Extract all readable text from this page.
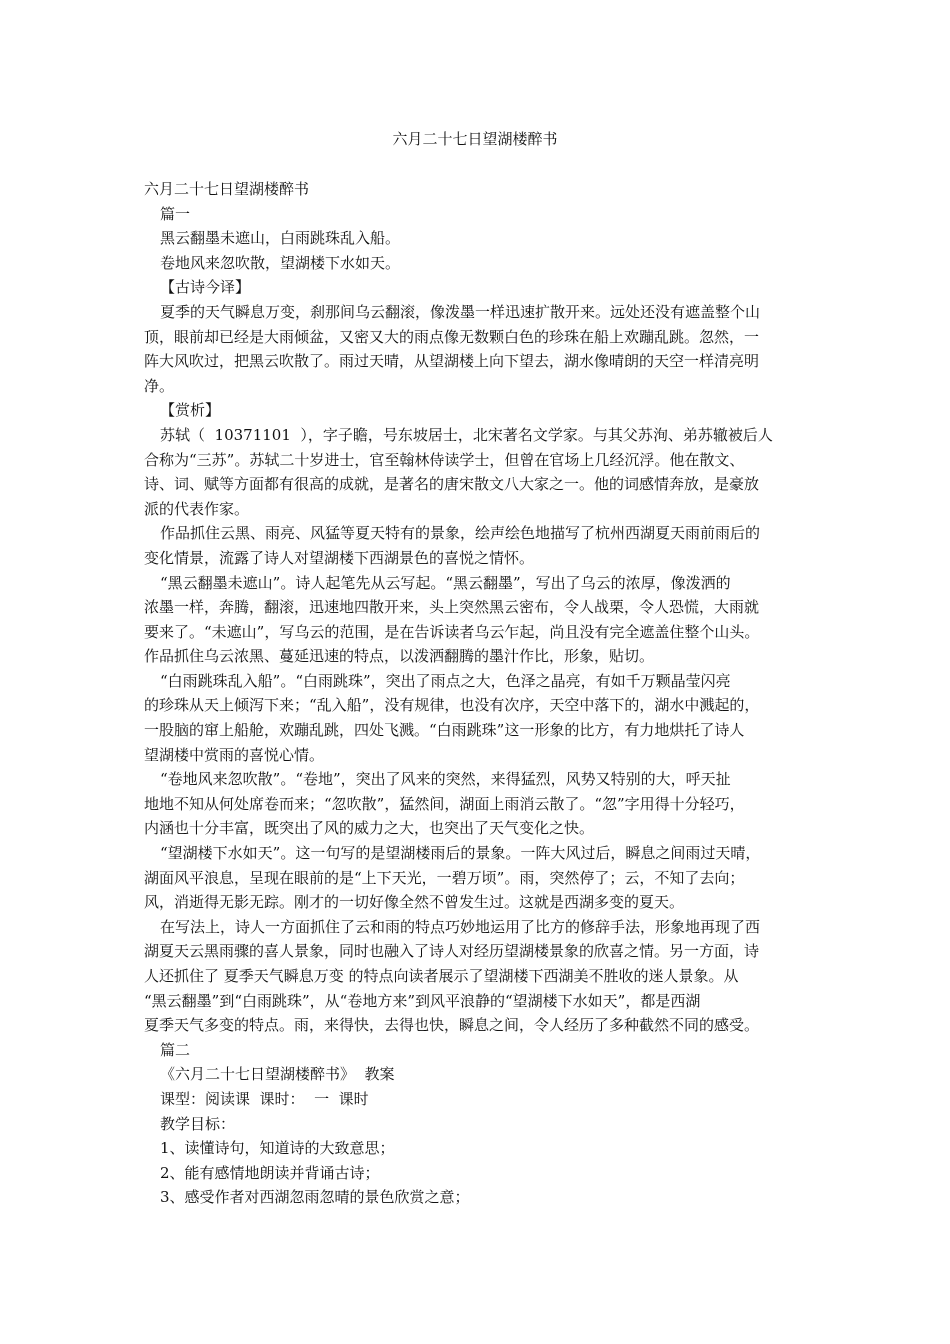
六月二十七日望湖楼醉书
六月二十七日望湖楼醉书
篇一
黑云翻墨未遮山，白雨跳珠乱入船。
卷地风来忽吹散，望湖楼下水如天。
【古诗今译】
夏季的天气瞬息万变，刹那间乌云翻滚，像泼墨一样迅速扩散开来。远处还没有遮盖整个山
顶，眼前却已经是大雨倾盆，又密又大的雨点像无数颗白色的珍珠在船上欢蹦乱跳。忽然，一
阵大风吹过，把黑云吹散了。雨过天晴，从望湖楼上向下望去，湖水像晴朗的天空一样清亮明
净。
【赏析】
苏轼（  10371101  ），字子瞻，号东坡居士，北宋著名文学家。与其父苏洵、弟苏辙被后人
合称为“三苏”。苏轼二十岁进士，官至翰林侍读学士，但曾在官场上几经沉浮。他在散文、
诗、词、赋等方面都有很高的成就，是著名的唐宋散文八大家之一。他的词感情奔放，是豪放
派的代表作家。
作品抓住云黑、雨亮、风猛等夏天特有的景象，绘声绘色地描写了杭州西湖夏天雨前雨后的
变化情景，流露了诗人对望湖楼下西湖景色的喜悦之情怀。
“黑云翻墨未遮山”。诗人起笔先从云写起。“黑云翻墨”，写出了乌云的浓厚，像泼洒的
浓墨一样，奔腾，翻滚，迅速地四散开来，头上突然黑云密布，令人战栗，令人恐慌，大雨就
要来了。“未遮山”，写乌云的范围，是在告诉读者乌云乍起，尚且没有完全遮盖住整个山头。
作品抓住乌云浓黑、蔓延迅速的特点，以泼洒翻腾的墨汁作比，形象，贴切。
“白雨跳珠乱入船”。“白雨跳珠”，突出了雨点之大，色泽之晶亮，有如千万颗晶莹闪亮
的珍珠从天上倾泻下来；“乱入船”，没有规律，也没有次序，天空中落下的，湖水中溅起的，
一股脑的窜上船舱，欢蹦乱跳，四处飞溅。“白雨跳珠”这一形象的比方，有力地烘托了诗人
望湖楼中赏雨的喜悦心情。
“卷地风来忽吹散”。“卷地”，突出了风来的突然，来得猛烈，风势又特别的大，呼天扯
地地不知从何处席卷而来；“忽吹散”，猛然间，湖面上雨消云散了。“忽”字用得十分轻巧，
内涵也十分丰富，既突出了风的威力之大，也突出了天气变化之快。
“望湖楼下水如天”。这一句写的是望湖楼雨后的景象。一阵大风过后，瞬息之间雨过天晴，
湖面风平浪息，呈现在眼前的是“上下天光，一碧万顷”。雨，突然停了；云，不知了去向；
风，消逝得无影无踪。刚才的一切好像全然不曾发生过。这就是西湖多变的夏天。
在写法上，诗人一方面抓住了云和雨的特点巧妙地运用了比方的修辞手法，形象地再现了西
湖夏天云黑雨骤的喜人景象，同时也融入了诗人对经历望湖楼景象的欣喜之情。另一方面，诗
人还抓住了 夏季天气瞬息万变 的特点向读者展示了望湖楼下西湖美不胜收的迷人景象。从
“黑云翻墨”到“白雨跳珠”，从“卷地方来”到风平浪静的“望湖楼下水如天”，都是西湖
夏季天气多变的特点。雨，来得快，去得也快，瞬息之间，令人经历了多种截然不同的感受。
篇二
《六月二十七日望湖楼醉书》  教案
课型：阅读课  课时：  一  课时
教学目标：
1、读懂诗句，知道诗的大致意思；
2、能有感情地朗读并背诵古诗；
3、感受作者对西湖忽雨忽晴的景色欣赏之意；
